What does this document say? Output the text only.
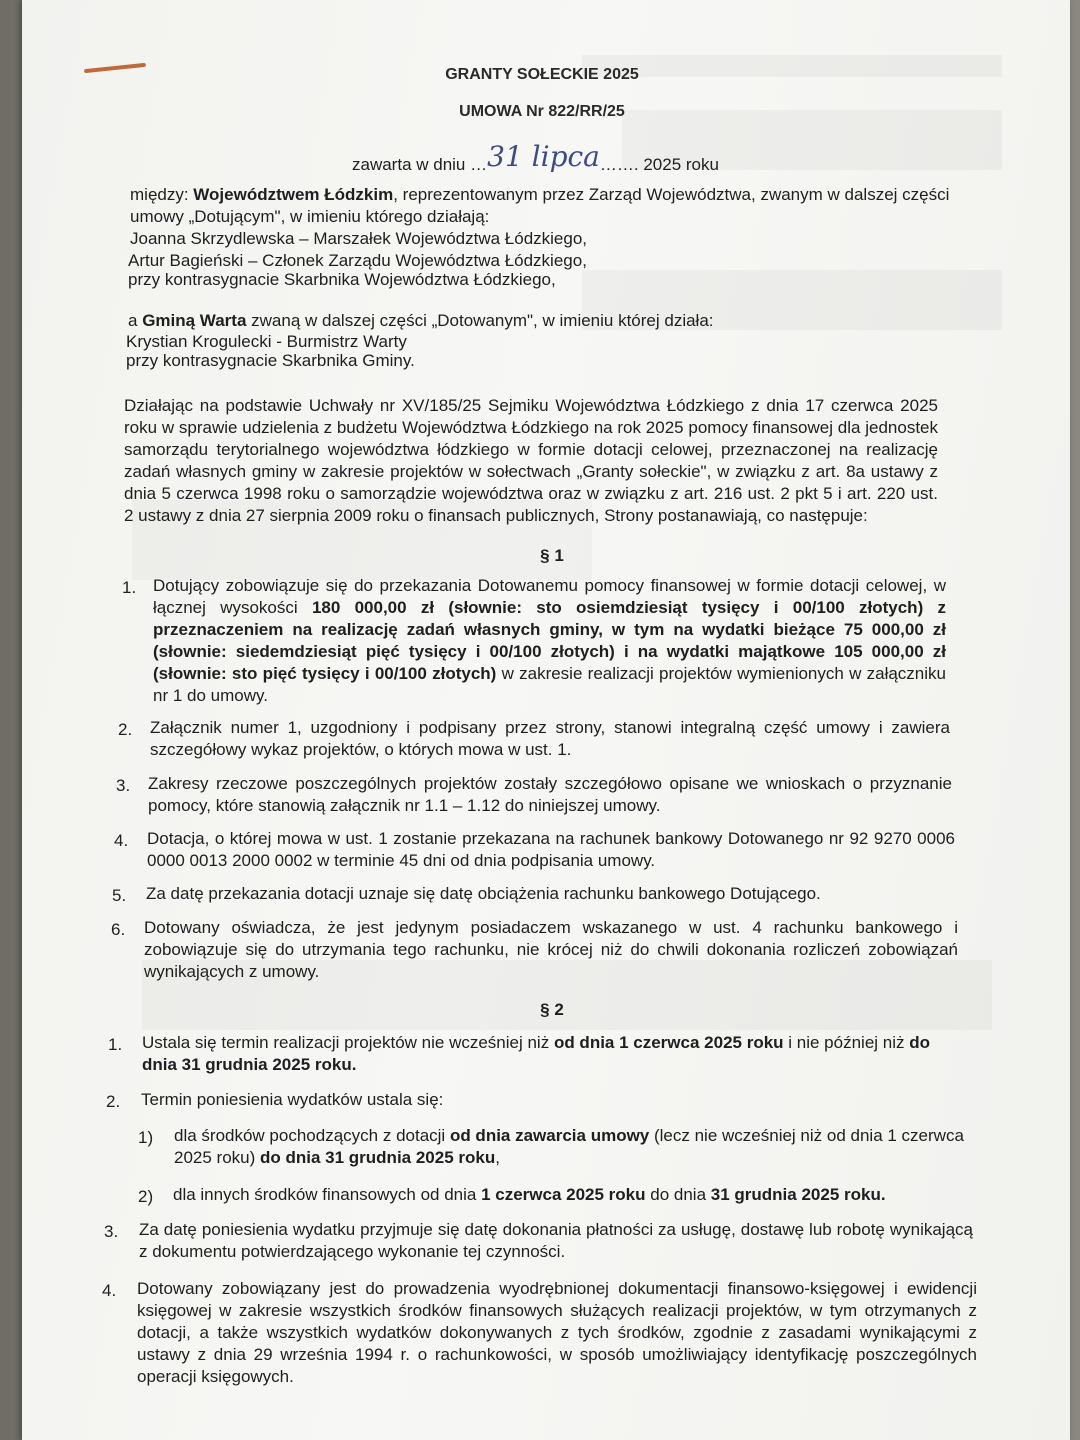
GRANTY SOŁECKIE 2025
UMOWA Nr 822/RR/25
zawarta w dniu …31 lipca……. 2025 roku
między: Województwem Łódzkim, reprezentowanym przez Zarząd Województwa, zwanym w dalszej części umowy „Dotującym", w imieniu którego działają:
Joanna Skrzydlewska – Marszałek Województwa Łódzkiego,
Artur Bagieński – Członek Zarządu Województwa Łódzkiego,
przy kontrasygnacie Skarbnika Województwa Łódzkiego,
a Gminą Warta zwaną w dalszej części „Dotowanym", w imieniu której działa:
Krystian Krogulecki - Burmistrz Warty
przy kontrasygnacie Skarbnika Gminy.
Działając na podstawie Uchwały nr XV/185/25 Sejmiku Województwa Łódzkiego z dnia 17 czerwca 2025 roku w sprawie udzielenia z budżetu Województwa Łódzkiego na rok 2025 pomocy finansowej dla jednostek samorządu terytorialnego województwa łódzkiego w formie dotacji celowej, przeznaczonej na realizację zadań własnych gminy w zakresie projektów w sołectwach „Granty sołeckie", w związku z art. 8a ustawy z dnia 5 czerwca 1998 roku o samorządzie województwa oraz w związku z art. 216 ust. 2 pkt 5 i art. 220 ust. 2 ustawy z dnia 27 sierpnia 2009 roku o finansach publicznych, Strony postanawiają, co następuje:
§ 1
1. Dotujący zobowiązuje się do przekazania Dotowanemu pomocy finansowej w formie dotacji celowej, w łącznej wysokości 180 000,00 zł (słownie: sto osiemdziesiąt tysięcy i 00/100 złotych) z przeznaczeniem na realizację zadań własnych gminy, w tym na wydatki bieżące 75 000,00 zł (słownie: siedemdziesiąt pięć tysięcy i 00/100 złotych) i na wydatki majątkowe 105 000,00 zł (słownie: sto pięć tysięcy i 00/100 złotych) w zakresie realizacji projektów wymienionych w załączniku nr 1 do umowy.
2. Załącznik numer 1, uzgodniony i podpisany przez strony, stanowi integralną część umowy i zawiera szczegółowy wykaz projektów, o których mowa w ust. 1.
3. Zakresy rzeczowe poszczególnych projektów zostały szczegółowo opisane we wnioskach o przyznanie pomocy, które stanowią załącznik nr 1.1 – 1.12 do niniejszej umowy.
4. Dotacja, o której mowa w ust. 1 zostanie przekazana na rachunek bankowy Dotowanego nr 92 9270 0006 0000 0013 2000 0002 w terminie 45 dni od dnia podpisania umowy.
5. Za datę przekazania dotacji uznaje się datę obciążenia rachunku bankowego Dotującego.
6. Dotowany oświadcza, że jest jedynym posiadaczem wskazanego w ust. 4 rachunku bankowego i zobowiązuje się do utrzymania tego rachunku, nie krócej niż do chwili dokonania rozliczeń zobowiązań wynikających z umowy.
§ 2
1. Ustala się termin realizacji projektów nie wcześniej niż od dnia 1 czerwca 2025 roku i nie później niż do dnia 31 grudnia 2025 roku.
2. Termin poniesienia wydatków ustala się:
1) dla środków pochodzących z dotacji od dnia zawarcia umowy (lecz nie wcześniej niż od dnia 1 czerwca 2025 roku) do dnia 31 grudnia 2025 roku,
2) dla innych środków finansowych od dnia 1 czerwca 2025 roku do dnia 31 grudnia 2025 roku.
3. Za datę poniesienia wydatku przyjmuje się datę dokonania płatności za usługę, dostawę lub robotę wynikającą z dokumentu potwierdzającego wykonanie tej czynności.
4. Dotowany zobowiązany jest do prowadzenia wyodrębnionej dokumentacji finansowo-księgowej i ewidencji księgowej w zakresie wszystkich środków finansowych służących realizacji projektów, w tym otrzymanych z dotacji, a także wszystkich wydatków dokonywanych z tych środków, zgodnie z zasadami wynikającymi z ustawy z dnia 29 września 1994 r. o rachunkowości, w sposób umożliwiający identyfikację poszczególnych operacji księgowych.
